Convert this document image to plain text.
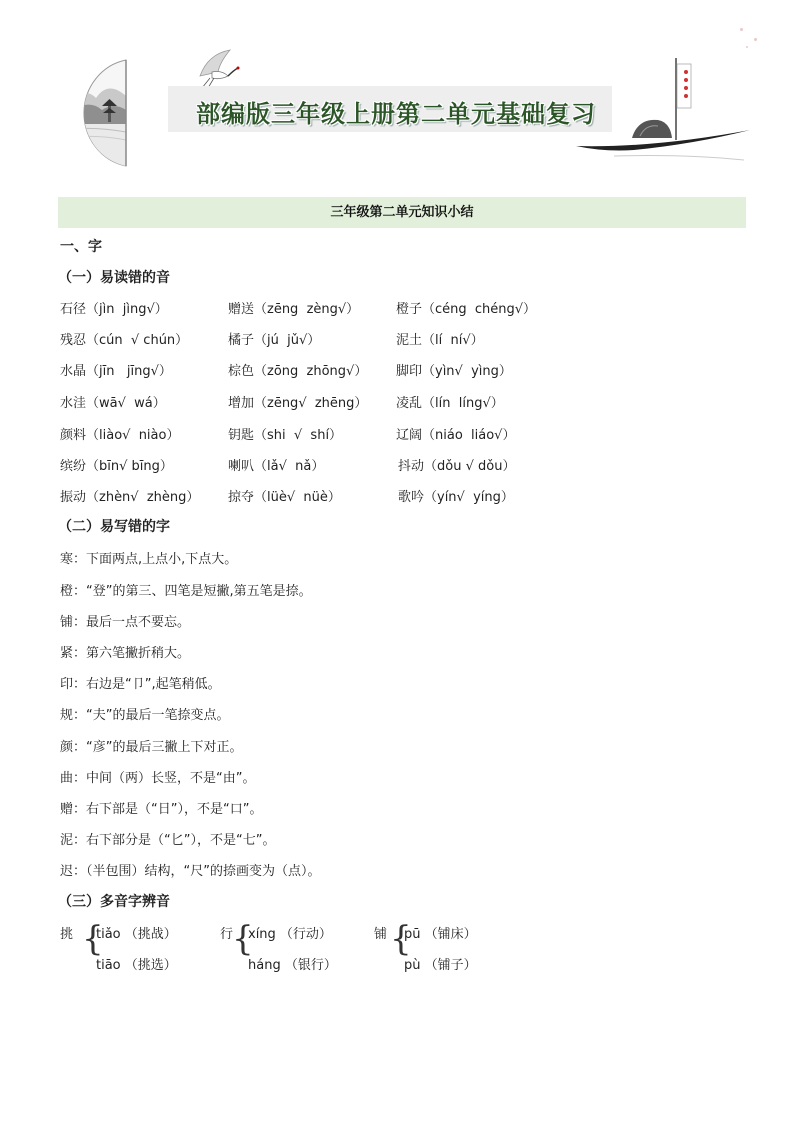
部编版三年级上册第二单元基础复习
三年级第二单元知识小结
一、字
（一）易读错的音
石径（jìn  jìng√）	赠送（zēng  zèng√）	橙子（céng  chéng√）
残忍（cún  √ chún）	橘子（jú  jǔ√）	泥土（lí  ní√）
水晶（jīn   jīng√）	棕色（zōng  zhōng√） 脚印（yìn√  yìng）
水洼（wā√  wá）	增加（zēng√  zhēng） 凌乱（lín  líng√）
颜料（liào√  niào）	钥匙（shi  √  shí）	辽阔（niáo  liáo√）
缤纷（bīn√ bīng）	喇叭（lǎ√  nǎ）	抖动（dǒu √ dǒu）
振动（zhèn√  zhèng） 掠夺（lüè√  nüè）	歌吟（yín√  yíng）
（二）易写错的字
寒：下面两点,上点小,下点大。
橙：“登”的第三、四笔是短撇,第五笔是捺。
铺：最后一点不要忘。
紧：第六笔撇折稍大。
印：右边是“卩”,起笔稍低。
规：“夫”的最后一笔捺变点。
颜：“彦”的最后三撇上下对正。
曲：中间（两）长竖，不是“由”。
赠：右下部是（“日”），不是“口”。
泥：右下部分是（“匕”），不是“七”。
迟：（半包围）结构，“尺”的捺画变为（点）。
（三）多音字辨音
挑 {
tiǎo （挑战）
tiāo （挑选）
行
{
xíng （行动）
háng （银行）
铺 {
pū （铺床）
pù （铺子）
